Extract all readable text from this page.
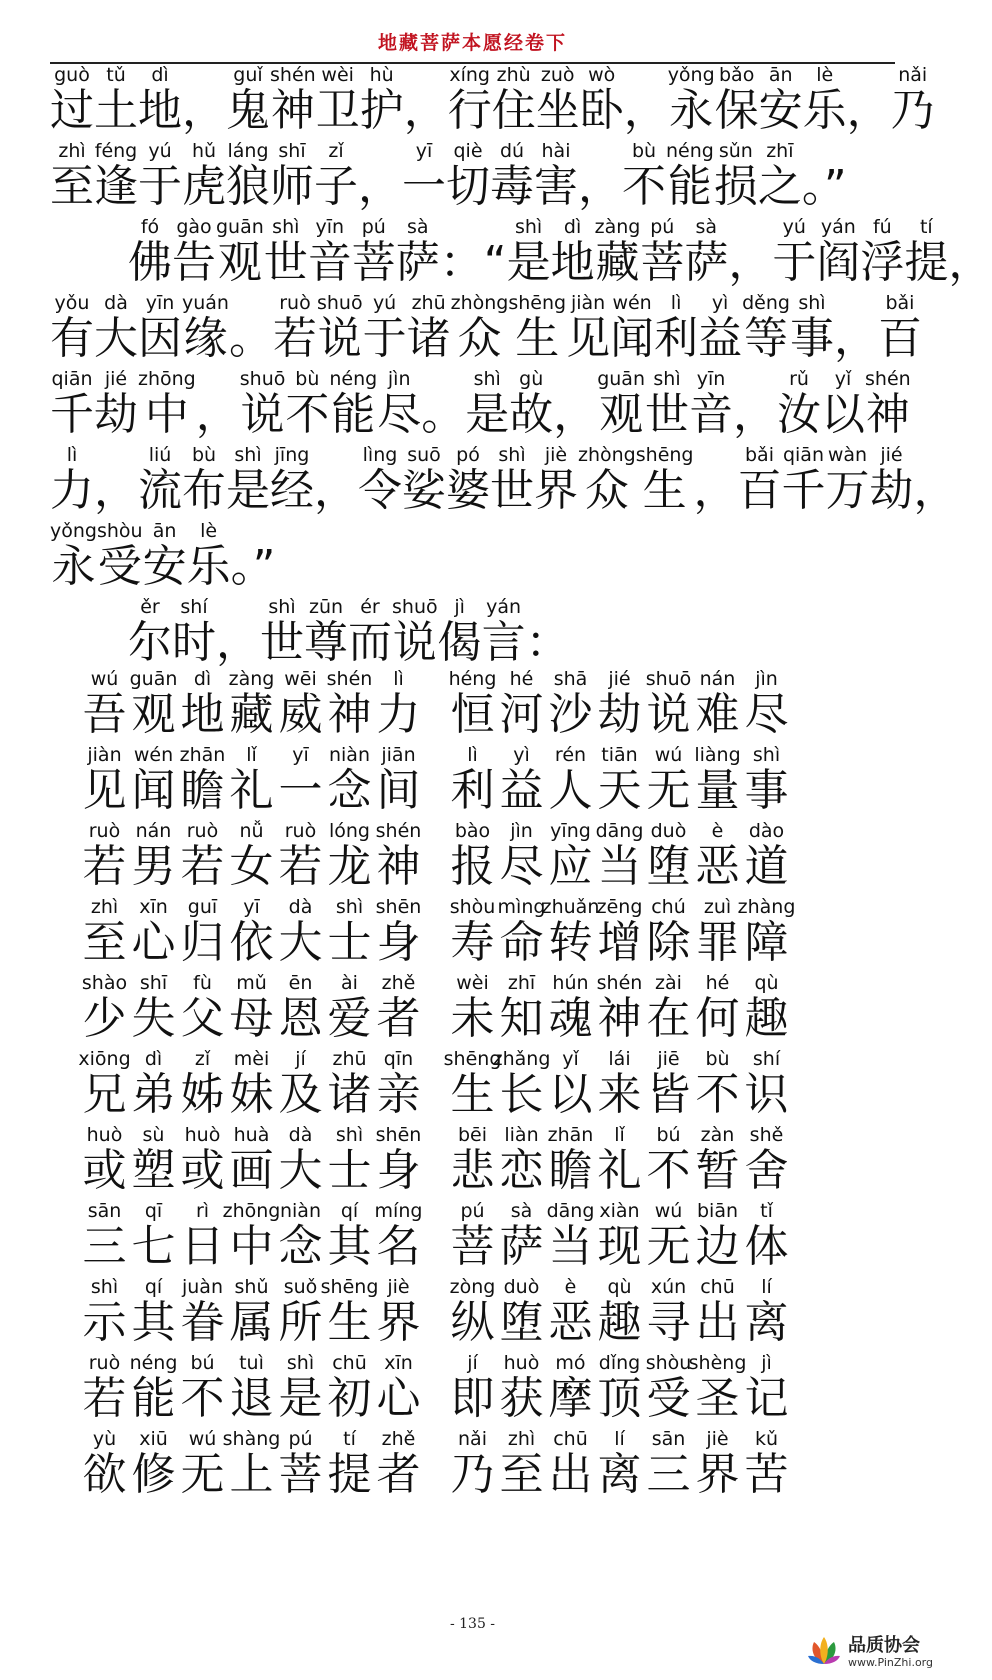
地藏菩萨本愿经卷下
guò
过
tǔ
土
dì
地 ，
guǐ
鬼
shén
神
wèi
卫
hù
护 ，
xíng
行
zhù
住
zuò
坐
wò
卧 ，
yǒng
永
bǎo
保
ān
安
lè
乐 ，
nǎi
乃
zhì
至
féng
逢
yú
于
hǔ
虎
láng
狼
shī
师
zǐ
子 ，
yī
一
qiè
切
dú
毒
hài
害 ，
bù
不
néng
能
sǔn
损
zhī
之 。”
fó
佛
gào
告
guān
观
shì
世
yīn
音
pú
菩
sà
萨 ：“
shì
是
dì
地
zàng
藏
pú
菩
sà
萨 ，
yú
于
yán
阎
fú
浮
tí
提 ，
yǒu
有
dà
大
yīn
因
yuán
缘 。
ruò
若
shuō
说
yú
于
zhū
诸
zhòng
众
shēng
生
jiàn
见
wén
闻
lì
利
yì
益
děng
等
shì
事 ，
bǎi
百
qiān
千
jié
劫
zhōng
中 ，
shuō
说
bù
不
néng
能
jìn
尽 。
shì
是
gù
故 ，
guān
观
shì
世
yīn
音 ，
rǔ
汝
yǐ
以
shén
神
lì
力 ，
liú
流
bù
布
shì
是
jīng
经 ，
lìng
令
suō
娑
pó
婆
shì
世
jiè
界
zhòng
众
shēng
生 ，
bǎi
百
qiān
千
wàn
万
jié
劫 ，
yǒng
永
shòu
受
ān
安
lè
乐 。”
ěr
尔
shí
时 ，
shì
世
zūn
尊
ér
而
shuō
说
jì
偈
yán
言 ：
wú
吾
guān
观
dì
地
zàng
藏
wēi
威
shén
神
lì
力
héng
恒
hé
河
shā
沙
jié
劫
shuō
说
nán
难
jìn
尽
jiàn
见
wén
闻
zhān
瞻
lǐ
礼
yī
一
niàn
念
jiān
间
lì
利
yì
益
rén
人
tiān
天
wú
无
liàng
量
shì
事
ruò
若
nán
男
ruò
若
nǚ
女
ruò
若
lóng
龙
shén
神
bào
报
jìn
尽
yīng
应
dāng
当
duò
堕
è
恶
dào
道
zhì
至
xīn
心
guī
归
yī
依
dà
大
shì
士
shēn
身
shòu
寿
mìng
命
zhuǎn
转
zēng
增
chú
除
zuì
罪
zhàng
障
shào
少
shī
失
fù
父
mǔ
母
ēn
恩
ài
爱
zhě
者
wèi
未
zhī
知
hún
魂
shén
神
zài
在
hé
何
qù
趣
xiōng
兄
dì
弟
zǐ
姊
mèi
妹
jí
及
zhū
诸
qīn
亲
shēng
生
zhǎng
长
yǐ
以
lái
来
jiē
皆
bù
不
shí
识
huò
或
sù
塑
huò
或
huà
画
dà
大
shì
士
shēn
身
bēi
悲
liàn
恋
zhān
瞻
lǐ
礼
bú
不
zàn
暂
shě
舍
sān
三
qī
七
rì
日
zhōng
中
niàn
念
qí
其
míng
名
pú
菩
sà
萨
dāng
当
xiàn
现
wú
无
biān
边
tǐ
体
shì
示
qí
其
juàn
眷
shǔ
属
suǒ
所
shēng
生
jiè
界
zòng
纵
duò
堕
è
恶
qù
趣
xún
寻
chū
出
lí
离
ruò
若
néng
能
bú
不
tuì
退
shì
是
chū
初
xīn
心
jí
即
huò
获
mó
摩
dǐng
顶
shòu
受
shèng
圣
jì
记
yù
欲
xiū
修
wú
无
shàng
上
pú
菩
tí
提
zhě
者
nǎi
乃
zhì
至
chū
出
lí
离
sān
三
jiè
界
kǔ
苦
- 135 -
品质协会
www.PinZhi.org
